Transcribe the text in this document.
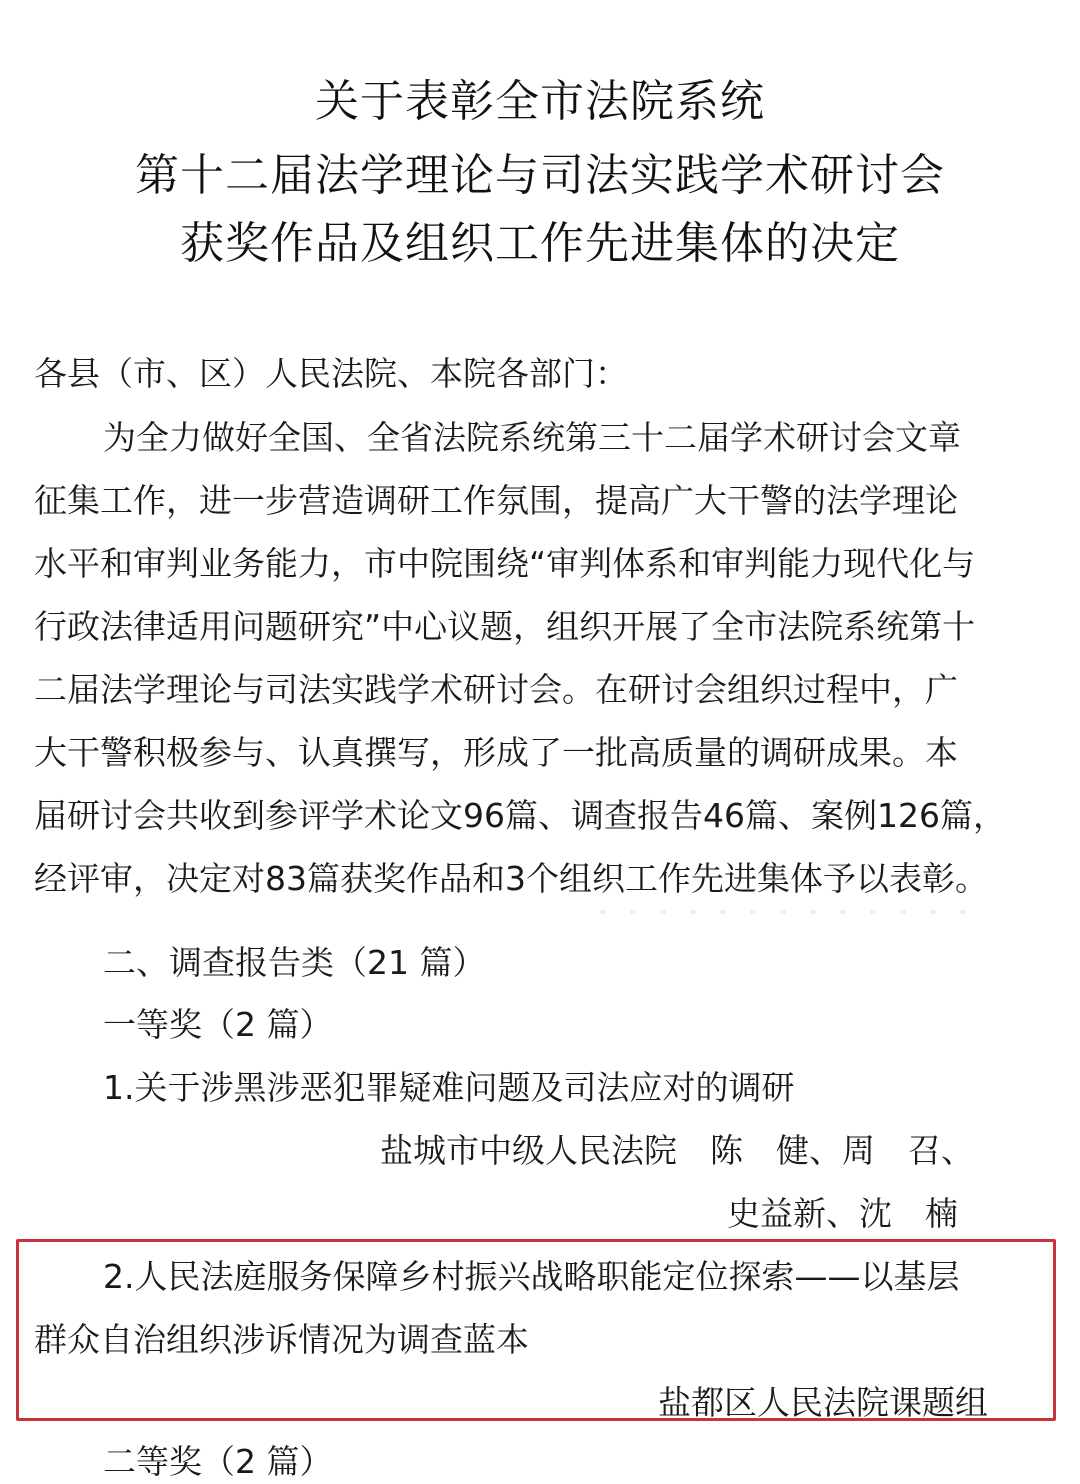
关于表彰全市法院系统
第十二届法学理论与司法实践学术研讨会
获奖作品及组织工作先进集体的决定
各县（市、区）人民法院、本院各部门：
为全力做好全国、全省法院系统第三十二届学术研讨会文章
征集工作，进一步营造调研工作氛围，提高广大干警的法学理论
水平和审判业务能力，市中院围绕“审判体系和审判能力现代化与
行政法律适用问题研究”中心议题，组织开展了全市法院系统第十
二届法学理论与司法实践学术研讨会。在研讨会组织过程中，广
大干警积极参与、认真撰写，形成了一批高质量的调研成果。本
届研讨会共收到参评学术论文96篇、调查报告46篇、案例126篇，
经评审，决定对83篇获奖作品和3个组织工作先进集体予以表彰。
二、调查报告类（21 篇）
一等奖（2 篇）
1.关于涉黑涉恶犯罪疑难问题及司法应对的调研
盐城市中级人民法院　陈　健、周　召、
史益新、沈　楠
2.人民法庭服务保障乡村振兴战略职能定位探索——以基层
群众自治组织涉诉情况为调查蓝本
盐都区人民法院课题组
二等奖（2 篇）
